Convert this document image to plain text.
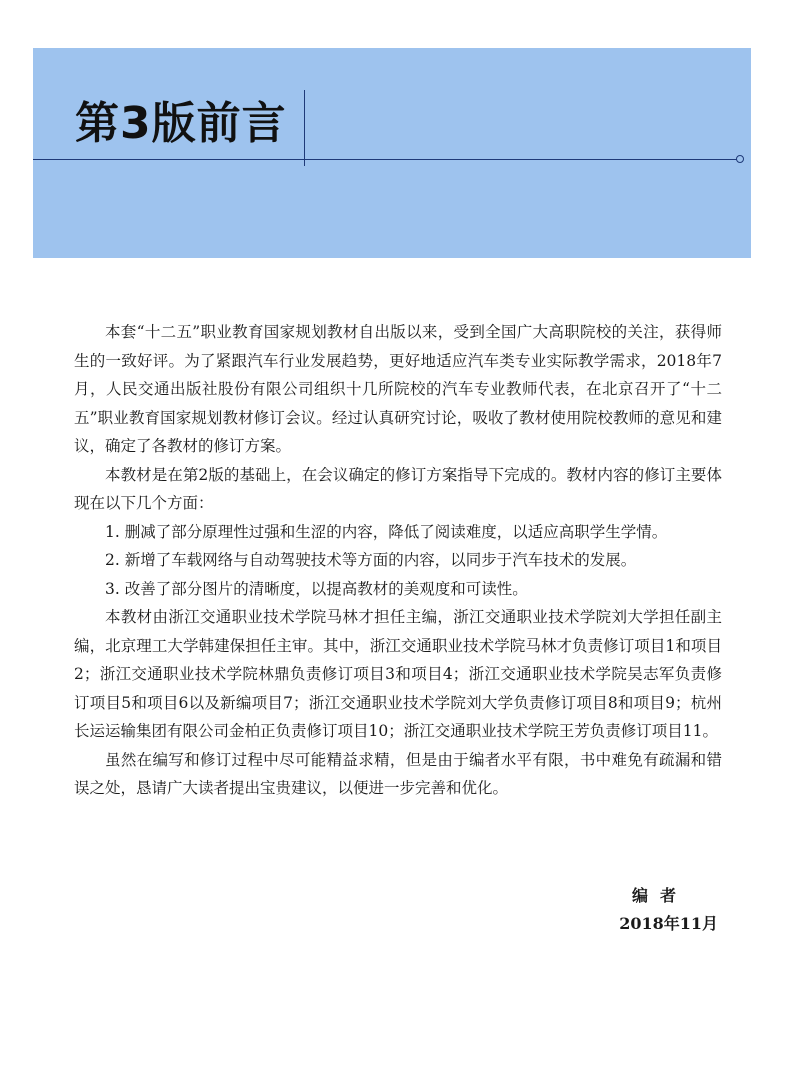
第3版前言

本套“十二五”职业教育国家规划教材自出版以来，受到全国广大高职院校的关注，获得师生的一致好评。为了紧跟汽车行业发展趋势，更好地适应汽车类专业实际教学需求，2018年7月，人民交通出版社股份有限公司组织十几所院校的汽车专业教师代表，在北京召开了“十二五”职业教育国家规划教材修订会议。经过认真研究讨论，吸收了教材使用院校教师的意见和建议，确定了各教材的修订方案。

本教材是在第2版的基础上，在会议确定的修订方案指导下完成的。教材内容的修订主要体现在以下几个方面：

1. 删减了部分原理性过强和生涩的内容，降低了阅读难度，以适应高职学生学情。

2. 新增了车载网络与自动驾驶技术等方面的内容，以同步于汽车技术的发展。

3. 改善了部分图片的清晰度，以提高教材的美观度和可读性。

本教材由浙江交通职业技术学院马林才担任主编，浙江交通职业技术学院刘大学担任副主编，北京理工大学韩建保担任主审。其中，浙江交通职业技术学院马林才负责修订项目1和项目2；浙江交通职业技术学院林鼎负责修订项目3和项目4；浙江交通职业技术学院吴志军负责修订项目5和项目6以及新编项目7；浙江交通职业技术学院刘大学负责修订项目8和项目9；杭州长运运输集团有限公司金柏正负责修订项目10；浙江交通职业技术学院王芳负责修订项目11。

虽然在编写和修订过程中尽可能精益求精，但是由于编者水平有限，书中难免有疏漏和错误之处，恳请广大读者提出宝贵建议，以便进一步完善和优化。

编者
2018年11月
